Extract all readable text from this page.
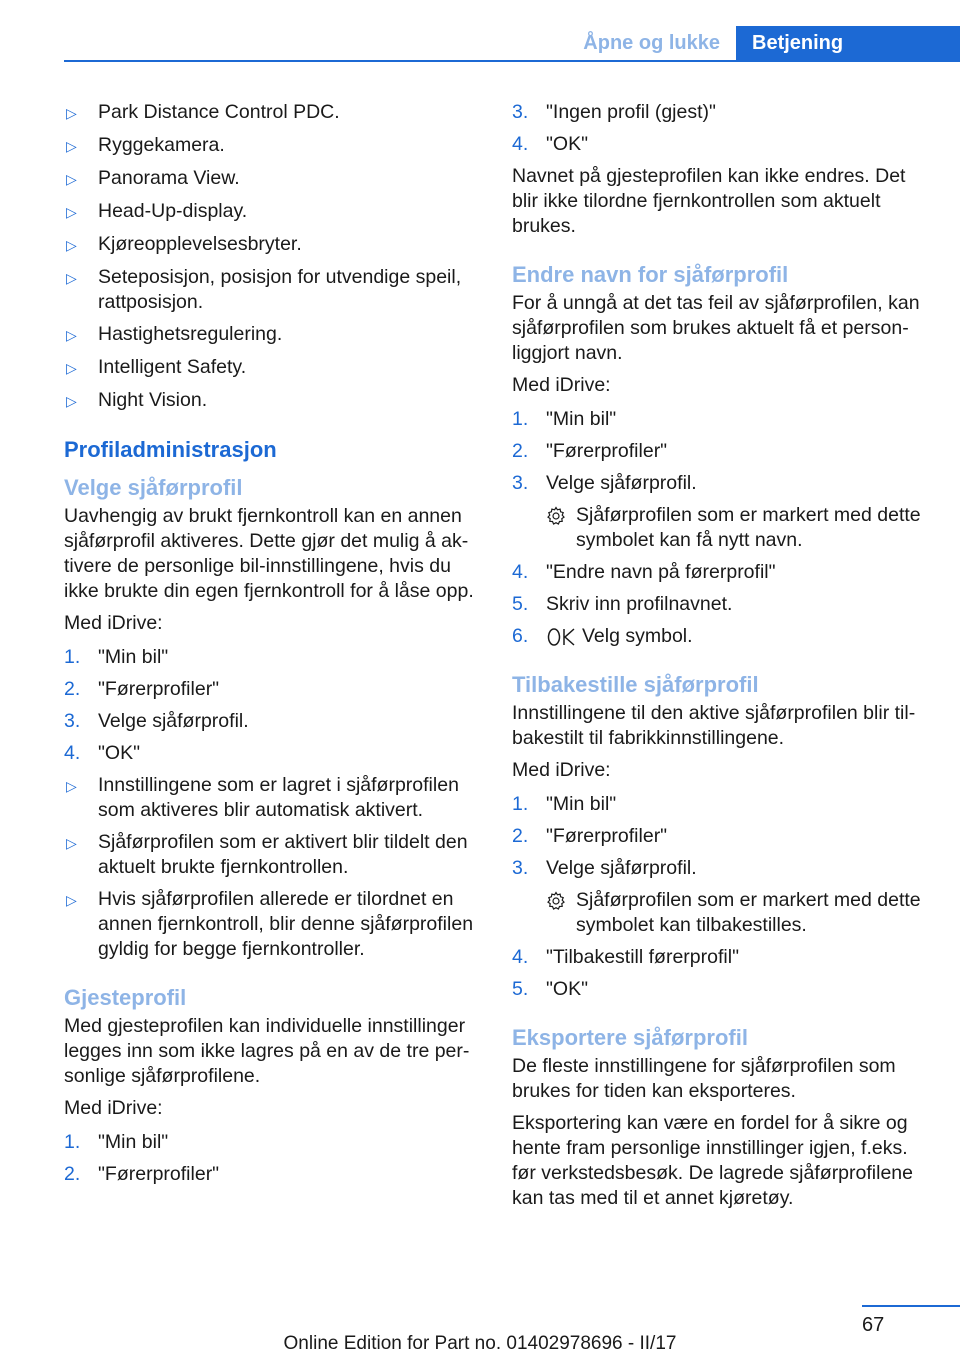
Åpne og lukke	Betjening
▷	Park Distance Control PDC.
▷	Ryggekamera.
▷	Panorama View.
▷	Head-Up-display.
▷	Kjøreopplevelsesbryter.
▷	Seteposisjon, posisjon for utvendige speil, rattposisjon.
▷	Hastighetsregulering.
▷	Intelligent Safety.
▷	Night Vision.
Profiladministrasjon
Velge sjåførprofil
Uavhengig av brukt fjernkontroll kan en annen sjåførprofil aktiveres. Dette gjør det mulig å aktivere de personlige bil-innstillingene, hvis du ikke brukte din egen fjernkontroll for å låse opp.
Med iDrive:
1. "Min bil"
2. "Førerprofiler"
3. Velge sjåførprofil.
4. "OK"
▷	Innstillingene som er lagret i sjåførprofilen som aktiveres blir automatisk aktivert.
▷	Sjåførprofilen som er aktivert blir tildelt den aktuelt brukte fjernkontrollen.
▷	Hvis sjåførprofilen allerede er tilordnet en annen fjernkontroll, blir denne sjåførprofilen gyldig for begge fjernkontroller.
Gjesteprofil
Med gjesteprofilen kan individuelle innstillinger legges inn som ikke lagres på en av de tre personlige sjåførprofilene.
Med iDrive:
1. "Min bil"
2. "Førerprofiler"
3. "Ingen profil (gjest)"
4. "OK"
Navnet på gjesteprofilen kan ikke endres. Det blir ikke tilordne fjernkontrollen som aktuelt brukes.
Endre navn for sjåførprofil
For å unngå at det tas feil av sjåførprofilen, kan sjåførprofilen som brukes aktuelt få et personliggjort navn.
Med iDrive:
1. "Min bil"
2. "Førerprofiler"
3. Velge sjåførprofil.
Sjåførprofilen som er markert med dette symbolet kan få nytt navn.
4. "Endre navn på førerprofil"
5. Skriv inn profilnavnet.
6.	Velg symbol.
Tilbakestille sjåførprofil
Innstillingene til den aktive sjåførprofilen blir tilbakestilt til fabrikkinnstillingene.
Med iDrive:
1. "Min bil"
2. "Førerprofiler"
3. Velge sjåførprofil.
Sjåførprofilen som er markert med dette symbolet kan tilbakestilles.
4. "Tilbakestill førerprofil"
5. "OK"
Eksportere sjåførprofil
De fleste innstillingene for sjåførprofilen som brukes for tiden kan eksporteres.
Eksportering kan være en fordel for å sikre og hente fram personlige innstillinger igjen, f.eks. før verkstedsbesøk. De lagrede sjåførprofilene kan tas med til et annet kjøretøy.
67
Online Edition for Part no. 01402978696 - II/17
